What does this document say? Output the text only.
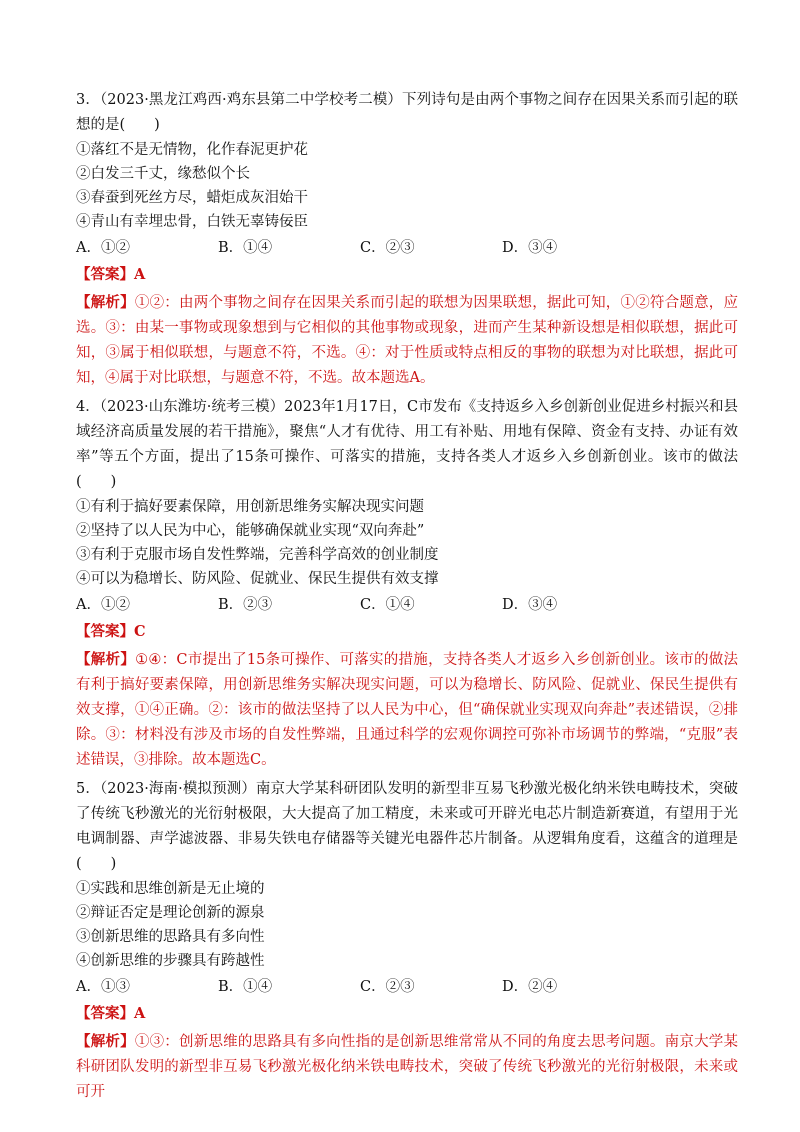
3．（2023·黑龙江鸡西·鸡东县第二中学校考二模）下列诗句是由两个事物之间存在因果关系而引起的联想的是(　　)

①落红不是无情物，化作春泥更护花

②白发三千丈，缘愁似个长

③春蚕到死丝方尽，蜡炬成灰泪始干

④青山有幸埋忠骨，白铁无辜铸佞臣

A．①②	B．①④	C．②③	D．③④

【答案】A

【解析】①②：由两个事物之间存在因果关系而引起的联想为因果联想，据此可知，①②符合题意，应选。③：由某一事物或现象想到与它相似的其他事物或现象，进而产生某种新设想是相似联想，据此可知，③属于相似联想，与题意不符，不选。④：对于性质或特点相反的事物的联想为对比联想，据此可知，④属于对比联想，与题意不符，不选。故本题选A。

4．（2023·山东潍坊·统考三模）2023年1月17日，C市发布《支持返乡入乡创新创业促进乡村振兴和县域经济高质量发展的若干措施》，聚焦“人才有优待、用工有补贴、用地有保障、资金有支持、办证有效率”等五个方面，提出了15条可操作、可落实的措施，支持各类人才返乡入乡创新创业。该市的做法(　　)

①有利于搞好要素保障，用创新思维务实解决现实问题

②坚持了以人民为中心，能够确保就业实现“双向奔赴”

③有利于克服市场自发性弊端，完善科学高效的创业制度

④可以为稳增长、防风险、促就业、保民生提供有效支撑

A．①②	B．②③	C．①④	D．③④

【答案】C

【解析】①④：C市提出了15条可操作、可落实的措施，支持各类人才返乡入乡创新创业。该市的做法有利于搞好要素保障，用创新思维务实解决现实问题，可以为稳增长、防风险、促就业、保民生提供有效支撑，①④正确。②：该市的做法坚持了以人民为中心，但“确保就业实现双向奔赴”表述错误，②排除。③：材料没有涉及市场的自发性弊端，且通过科学的宏观你调控可弥补市场调节的弊端，“克服”表述错误，③排除。故本题选C。

5．（2023·海南·模拟预测）南京大学某科研团队发明的新型非互易飞秒激光极化纳米铁电畴技术，突破了传统飞秒激光的光衍射极限，大大提高了加工精度，未来或可开辟光电芯片制造新赛道，有望用于光电调制器、声学滤波器、非易失铁电存储器等关键光电器件芯片制备。从逻辑角度看，这蕴含的道理是(　　)

①实践和思维创新是无止境的

②辩证否定是理论创新的源泉

③创新思维的思路具有多向性

④创新思维的步骤具有跨越性

A．①③	B．①④	C．②③	D．②④

【答案】A

【解析】①③：创新思维的思路具有多向性指的是创新思维常常从不同的角度去思考问题。南京大学某科研团队发明的新型非互易飞秒激光极化纳米铁电畴技术，突破了传统飞秒激光的光衍射极限，未来或可开
